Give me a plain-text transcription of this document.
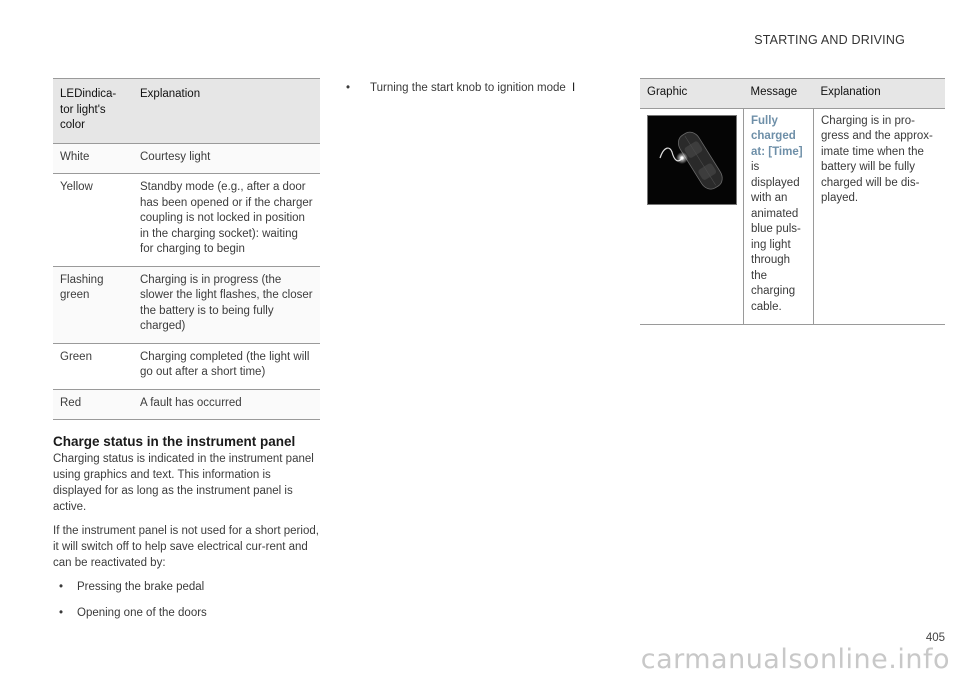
STARTING AND DRIVING
LEDindica-
tor light's
color	Explanation
White	Courtesy light
Yellow	Standby mode (e.g., after a door has been opened or if the charger coupling is not locked in position in the charging socket): waiting for charging to begin
Flashing green	Charging is in progress (the slower the light flashes, the closer the battery is to being fully charged)
Green	Charging completed (the light will go out after a short time)
Red	A fault has occurred
Charge status in the instrument panel

Charging status is indicated in the instrument panel using graphics and text. This information is displayed for as long as the instrument panel is active.

If the instrument panel is not used for a short period, it will switch off to help save electrical cur-rent and can be reactivated by:

• Pressing the brake pedal
• Opening one of the doors
• Turning the start knob to ignition mode I	Graphic	Message	Explanation

	Fully charged at: [Time] is displayed with an animated blue puls-ing light through the charging cable.	Charging is in pro-gress and the approx-imate time when the battery will be fully charged will be dis-played.
405
carmanualsonline.info
